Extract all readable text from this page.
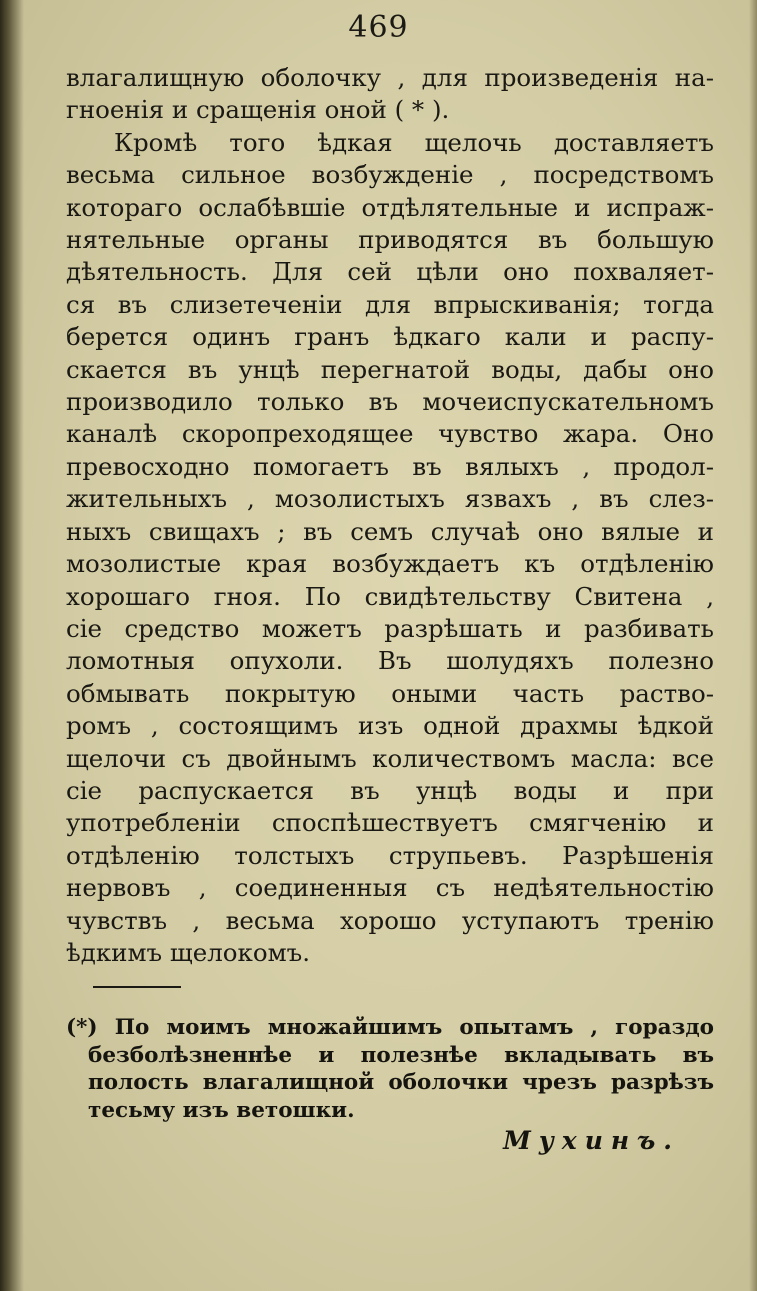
469
влагалищную оболочку , для произведенія на-
гноенія и сращенія оной ( * ).
Кромѣ того ѣдкая щелочь доставляетъ
весьма сильное возбужденіе , посредствомъ
котораго ослабѣвшіе отдѣлятельные и испраж-
нятельные органы приводятся въ большую
дѣятельность. Для сей цѣли оно похваляет-
ся въ слизетеченіи для впрыскиванія; тогда
берется одинъ гранъ ѣдкаго кали и распу-
скается въ унцѣ перегнатой воды, дабы оно
производило только въ мочеиспускательномъ
каналѣ скоропреходящее чувство жара. Оно
превосходно помогаетъ въ вялыхъ , продол-
жительныхъ , мозолистыхъ язвахъ , въ слез-
ныхъ свищахъ ; въ семъ случаѣ оно вялые и
мозолистые края возбуждаетъ къ отдѣленію
хорошаго гноя. По свидѣтельству Свитена ,
сіе средство можетъ разрѣшать и разбивать
ломотныя опухоли. Въ шолудяхъ полезно
обмывать покрытую оными часть раство-
ромъ , состоящимъ изъ одной драхмы ѣдкой
щелочи съ двойнымъ количествомъ масла: все
сіе распускается въ унцѣ воды и при
употребленіи споспѣшествуетъ смягченію и
отдѣленію толстыхъ струпьевъ. Разрѣшенія
нервовъ , соединенныя съ недѣятельностію
чувствъ , весьма хорошо уступаютъ тренію
ѣдкимъ щелокомъ.
(*) По моимъ множайшимъ опытамъ , гораздо
безболѣзненнѣе и полезнѣе вкладывать въ
полость влагалищной оболочки чрезъ разрѣзъ
тесьму изъ ветошки.
Мухинъ.
